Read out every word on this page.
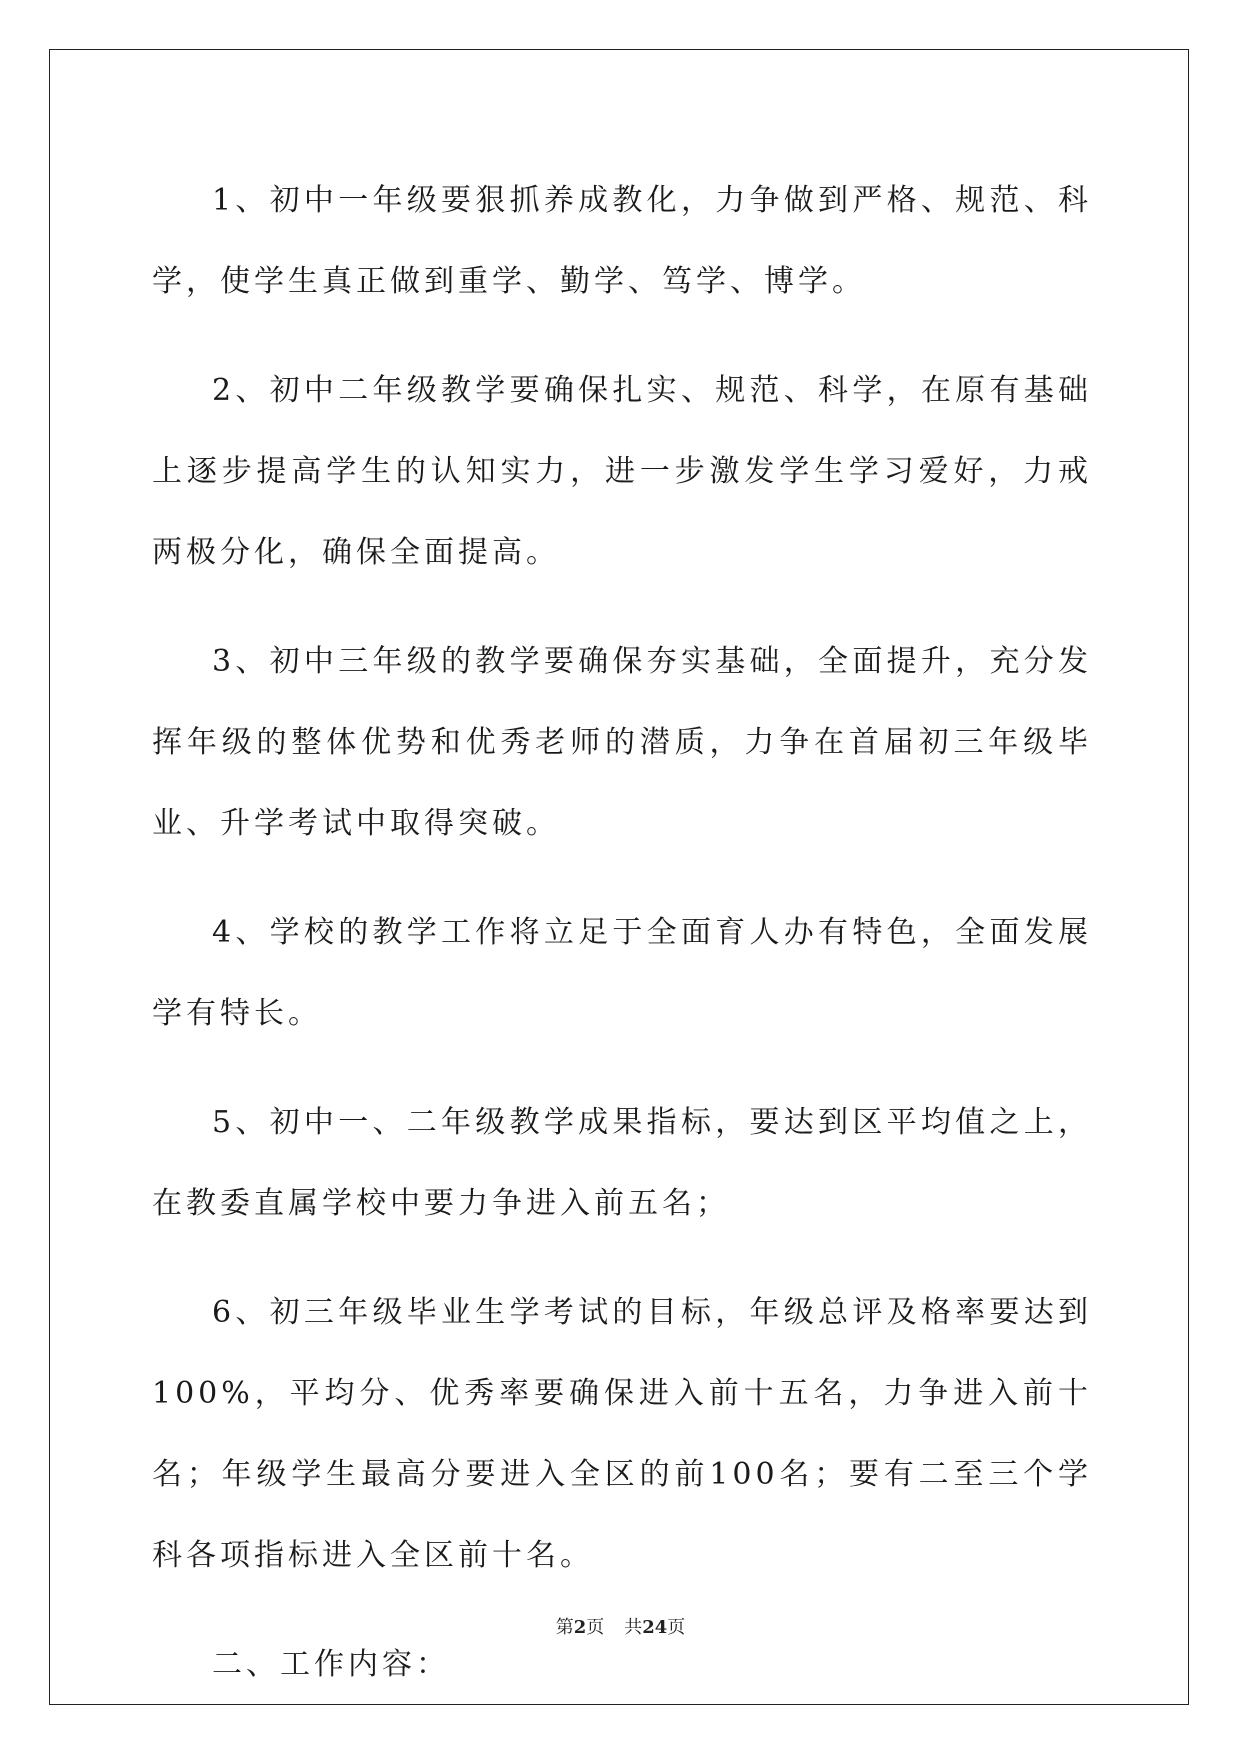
1、初中一年级要狠抓养成教化，力争做到严格、规范、科学，使学生真正做到重学、勤学、笃学、博学。

2、初中二年级教学要确保扎实、规范、科学，在原有基础上逐步提高学生的认知实力，进一步激发学生学习爱好，力戒两极分化，确保全面提高。

3、初中三年级的教学要确保夯实基础，全面提升，充分发挥年级的整体优势和优秀老师的潜质，力争在首届初三年级毕业、升学考试中取得突破。

4、学校的教学工作将立足于全面育人办有特色，全面发展学有特长。

5、初中一、二年级教学成果指标，要达到区平均值之上，在教委直属学校中要力争进入前五名；

6、初三年级毕业生学考试的目标，年级总评及格率要达到100%，平均分、优秀率要确保进入前十五名，力争进入前十名；年级学生最高分要进入全区的前100名；要有二至三个学科各项指标进入全区前十名。

二、工作内容：

第2页 共24页
